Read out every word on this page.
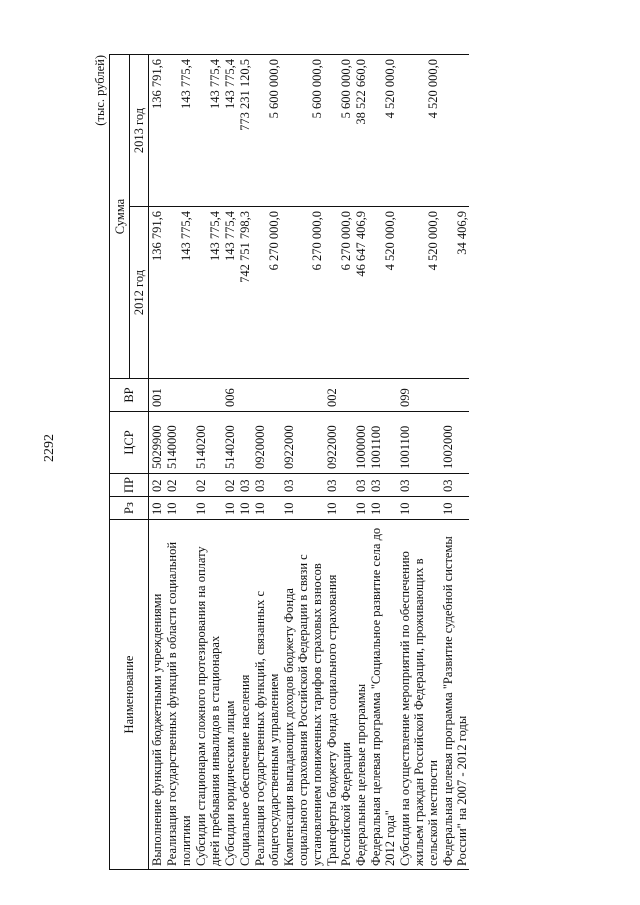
2292
(тыс. рублей)
Наименование	Рз	ПР	ЦСР	ВР	Сумма	
					2012 год	2013 год
Выполнение функций бюджетными учреждениями	10	02	5029900	001	136 791,6	136 791,6
Реализация государственных функций в области социальной политики	10	02	5140000		143 775,4	143 775,4
Субсидии стационарам сложного протезирования на оплату дней пребывания инвалидов в стационарах	10	02	5140200		143 775,4	143 775,4
Субсидии юридическим лицам	10	02	5140200	006	143 775,4	143 775,4
Социальное обеспечение населения	10	03			742 751 798,3	773 231 120,5
Реализация государственных функций, связанных с общегосударственным управлением	10	03	0920000		6 270 000,0	5 600 000,0
Компенсация выпадающих доходов бюджету Фонда социального страхования Российской Федерации в связи с установлением пониженных тарифов страховых взносов	10	03	0922000		6 270 000,0	5 600 000,0
Трансферты бюджету Фонда социального страхования Российской Федерации	10	03	0922000	002	6 270 000,0	5 600 000,0
Федеральные целевые программы	10	03	1000000		46 647 406,9	38 522 660,0
Федеральная целевая программа "Социальное развитие села до 2012 года"	10	03	1001100		4 520 000,0	4 520 000,0
Субсидии на осуществление мероприятий по обеспечению жильем граждан Российской Федерации, проживающих в сельской местности	10	03	1001100	099	4 520 000,0	4 520 000,0
Федеральная целевая программа "Развитие судебной системы России" на 2007 - 2012 годы	10	03	1002000		34 406,9	
